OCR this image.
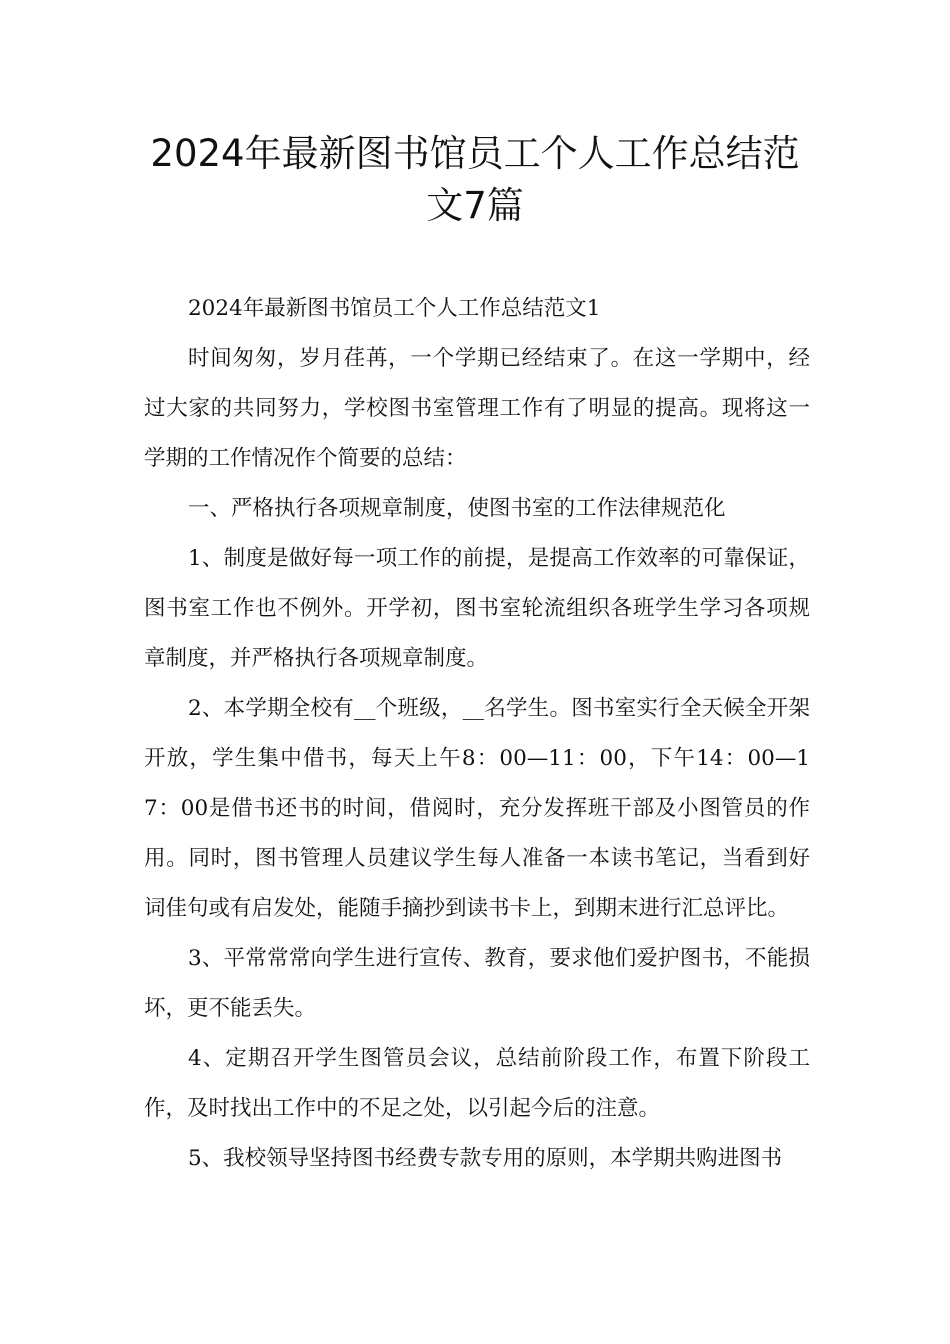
2024年最新图书馆员工个人工作总结范
文7篇

2024年最新图书馆员工个人工作总结范文1

时间匆匆，岁月荏苒，一个学期已经结束了。在这一学期中，经过大家的共同努力，学校图书室管理工作有了明显的提高。现将这一学期的工作情况作个简要的总结：

一、严格执行各项规章制度，使图书室的工作法律规范化

1、制度是做好每一项工作的前提，是提高工作效率的可靠保证，图书室工作也不例外。开学初，图书室轮流组织各班学生学习各项规章制度，并严格执行各项规章制度。

2、本学期全校有__个班级，__名学生。图书室实行全天候全开架开放，学生集中借书，每天上午8：00—11：00，下午14：00—17：00是借书还书的时间，借阅时，充分发挥班干部及小图管员的作用。同时，图书管理人员建议学生每人准备一本读书笔记，当看到好词佳句或有启发处，能随手摘抄到读书卡上，到期末进行汇总评比。

3、平常常常向学生进行宣传、教育，要求他们爱护图书，不能损坏，更不能丢失。

4、定期召开学生图管员会议，总结前阶段工作，布置下阶段工作，及时找出工作中的不足之处，以引起今后的注意。

5、我校领导坚持图书经费专款专用的原则，本学期共购进图书
